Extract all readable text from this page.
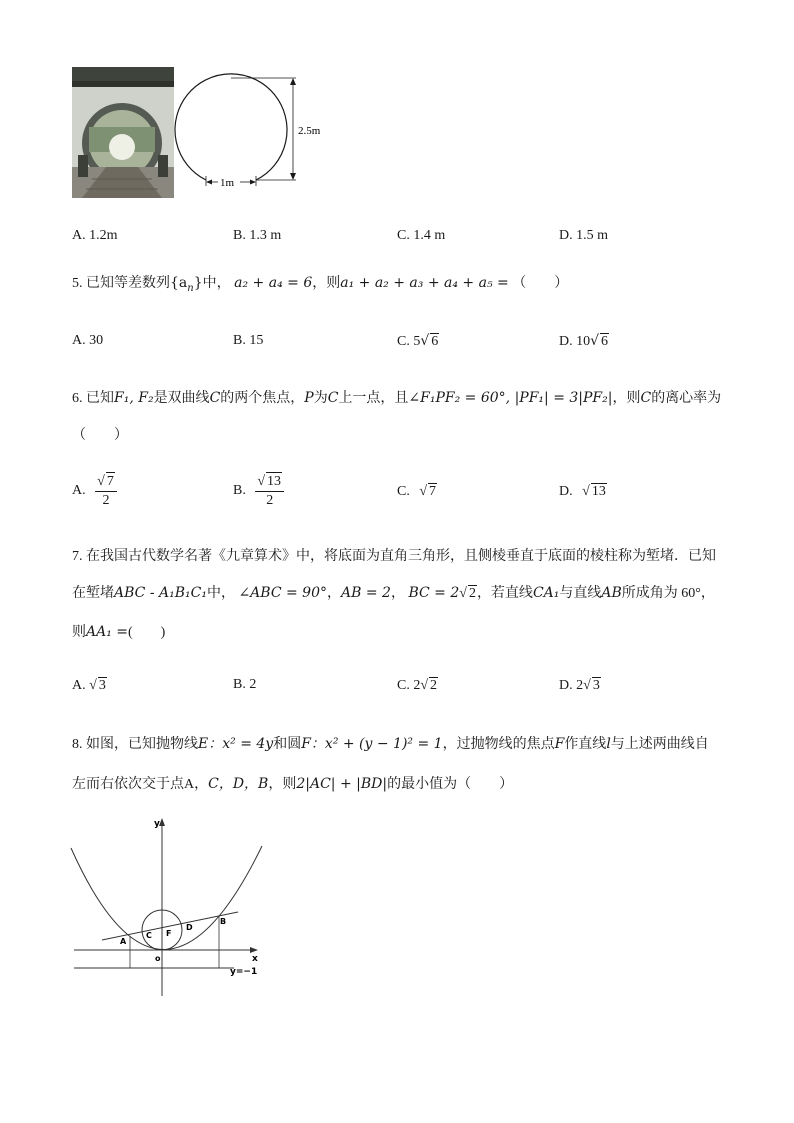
2.5m
1m
A. 1.2m	B. 1.3 m	C. 1.4 m	D. 1.5 m
5. 已知等差数列$\{a_n\}$中， a₂ + a₄ = 6，则a₁ + a₂ + a₃ + a₄ + a₅ = （　　）
A. 30	B. 15	C. 5√ 6	D. 10√ 6
6. 已知F₁, F₂是双曲线C的两个焦点，P为C上一点，且∠F₁PF₂ = 60°, |PF₁| = 3|PF₂|，则C的离心率为
（　　）
A. $\frac{√ 7}{2}$	B. $\frac{√ 13}{2}$	C. √ 7	D. √ 13
7. 在我国古代数学名著《九章算术》中，将底面为直角三角形，且侧棱垂直于底面的棱柱称为堑堵．已知
在堑堵ABC - A₁B₁C₁中， ∠ABC = 90°，AB = 2， BC = 2√ 2，若直线CA₁与直线AB所成角为 60°，
则AA₁ =(　　)
A. √ 3	B. 2	C. 2√ 2	D. 2√ 3
8. 如图，已知抛物线E：x² = 4y和圆F：x² + (y − 1)² = 1，过抛物线的焦点F作直线l与上述两曲线自
左而右依次交于点A，C，D，B，则2|AC| + |BD|的最小值为（　　）
y
x
y=−1
A
C F
D
B
o
